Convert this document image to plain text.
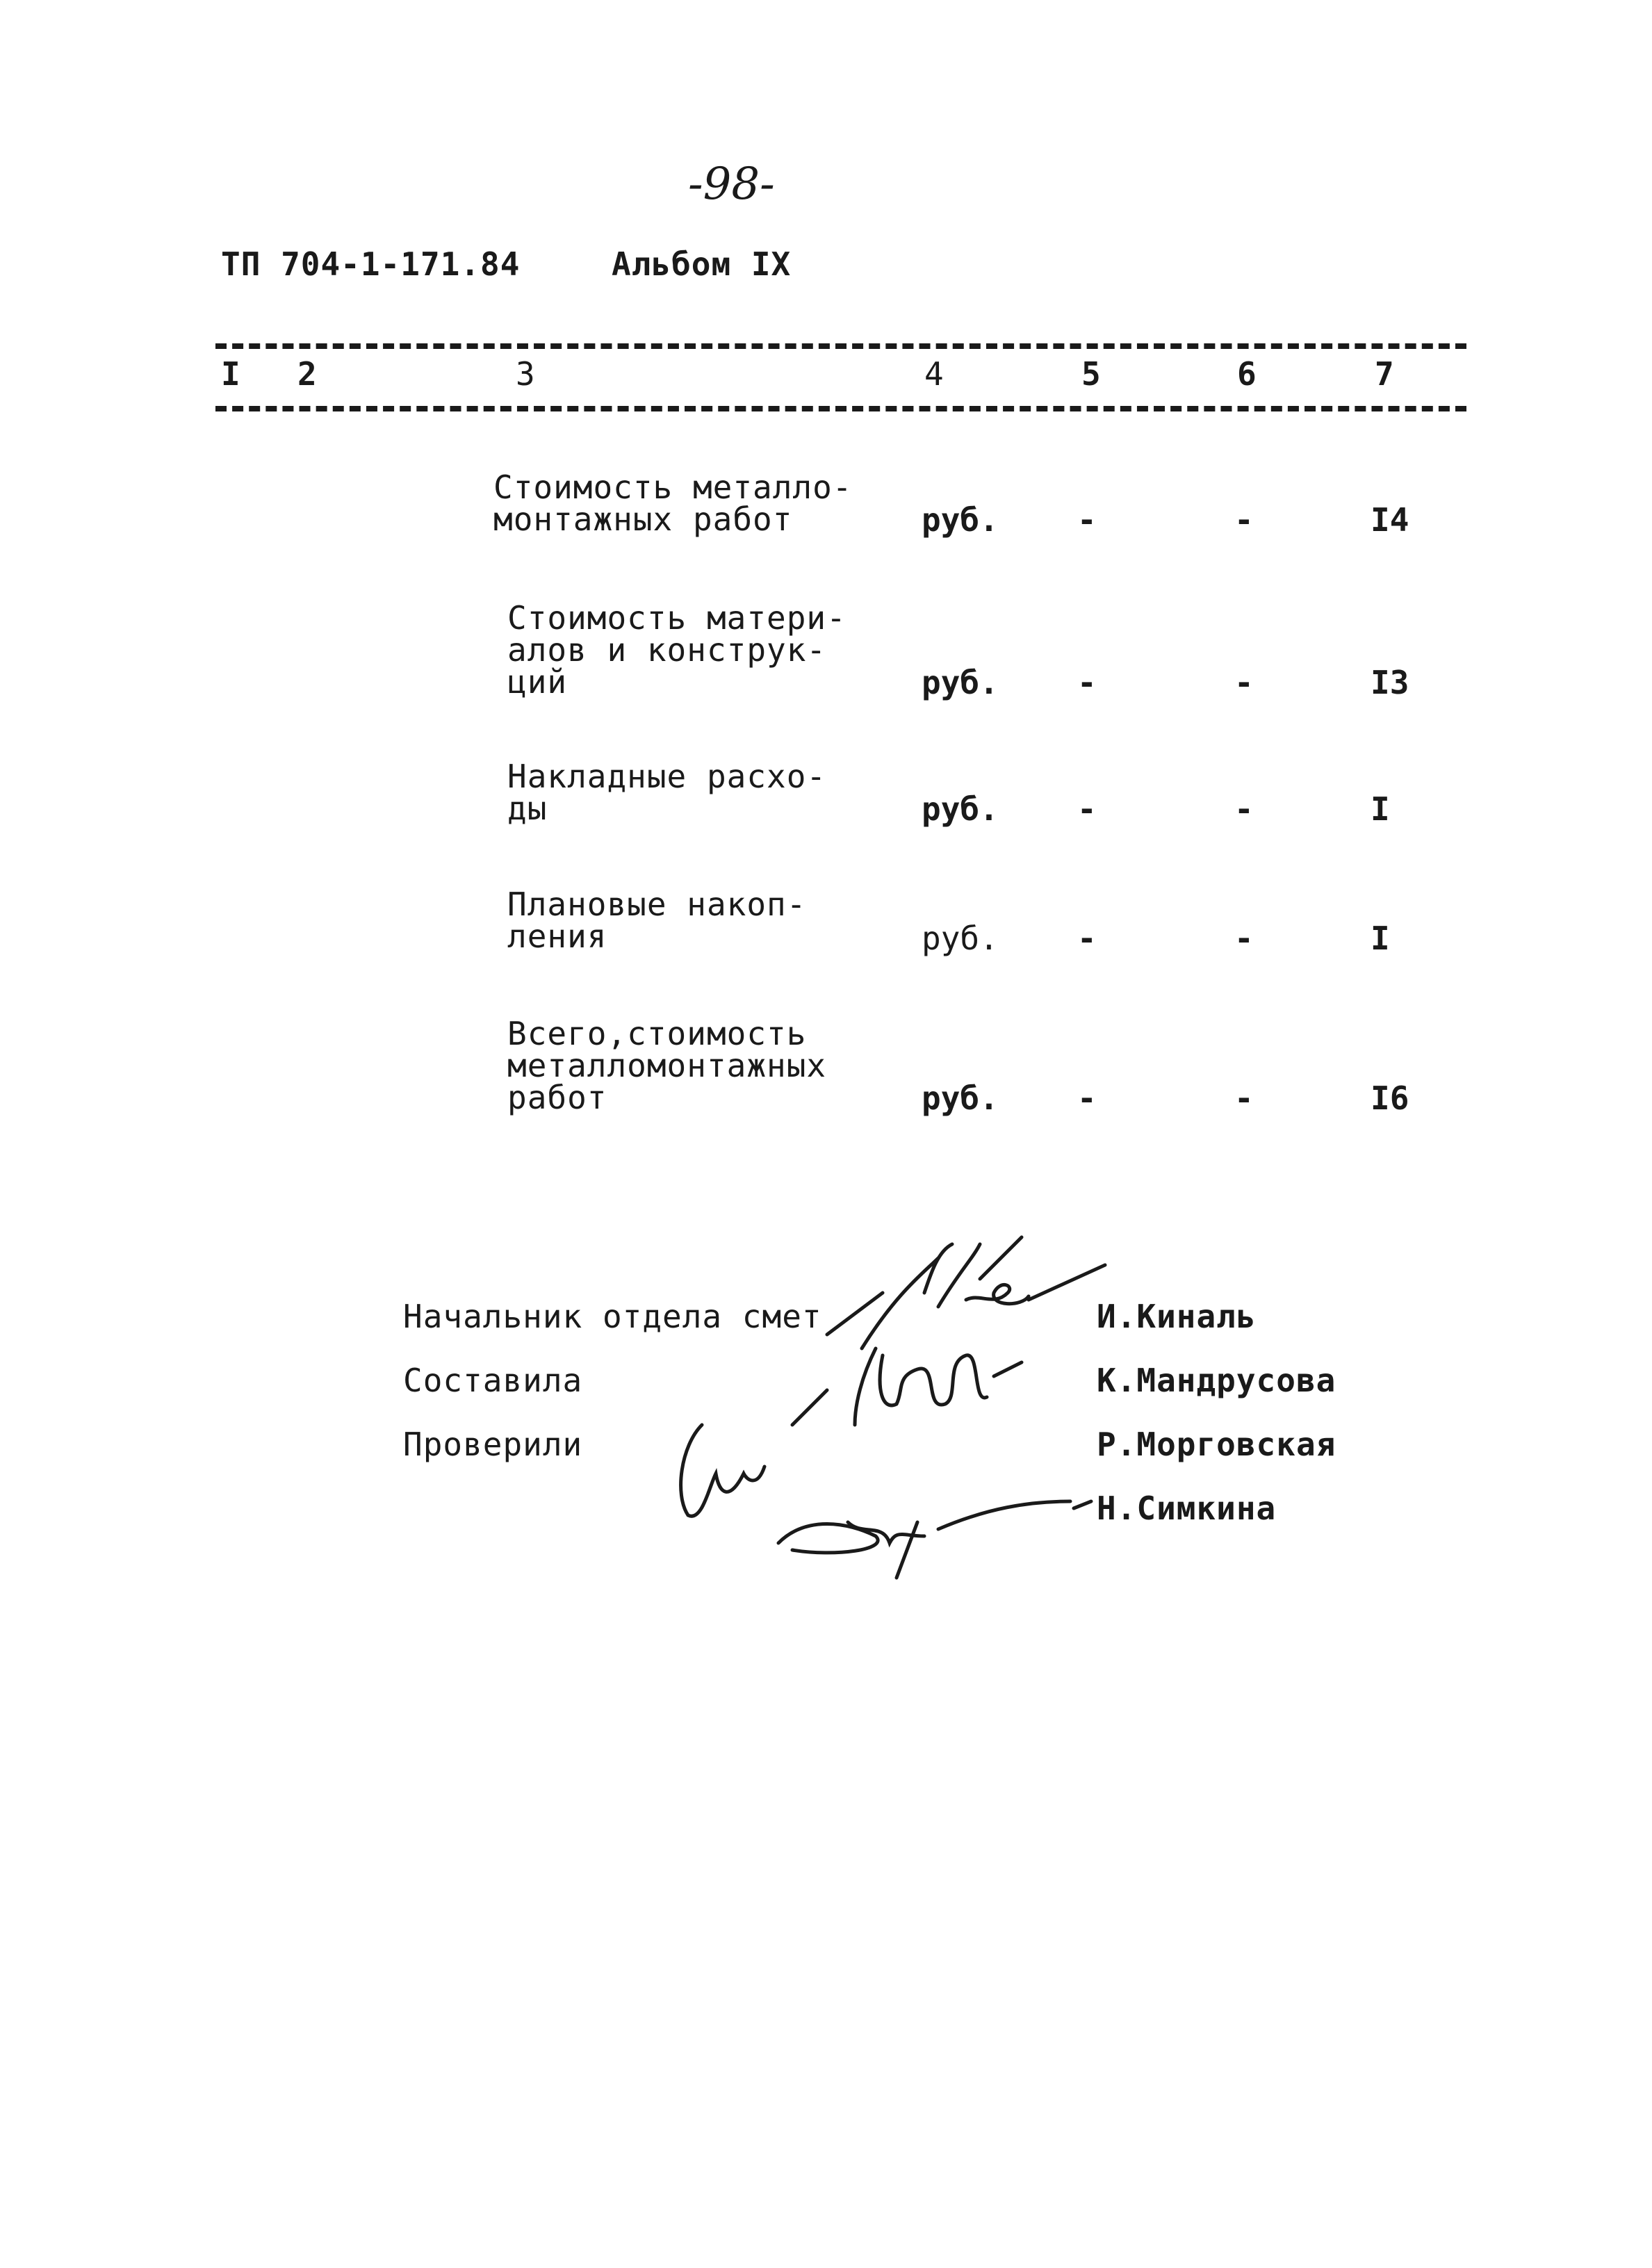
-98-
ТП 704-1-171.84	Альбом IX
I 2	3	4	5	6	7
Стоимость металло-
монтажных работ	руб. -	-	I4
Стоимость матери-
алов и конструк-
ций	руб. -	-	I3
Накладные расхо-
ды	руб. -	-	I
Плановые накоп-
ления	руб. -	-	I
Всего,стоимость
металломонтажных
работ	руб. -	-	I6
Начальник отдела смет	И.Киналь
Составила	К.Мандрусова
Проверили	Р.Морговская
Н.Симкина
